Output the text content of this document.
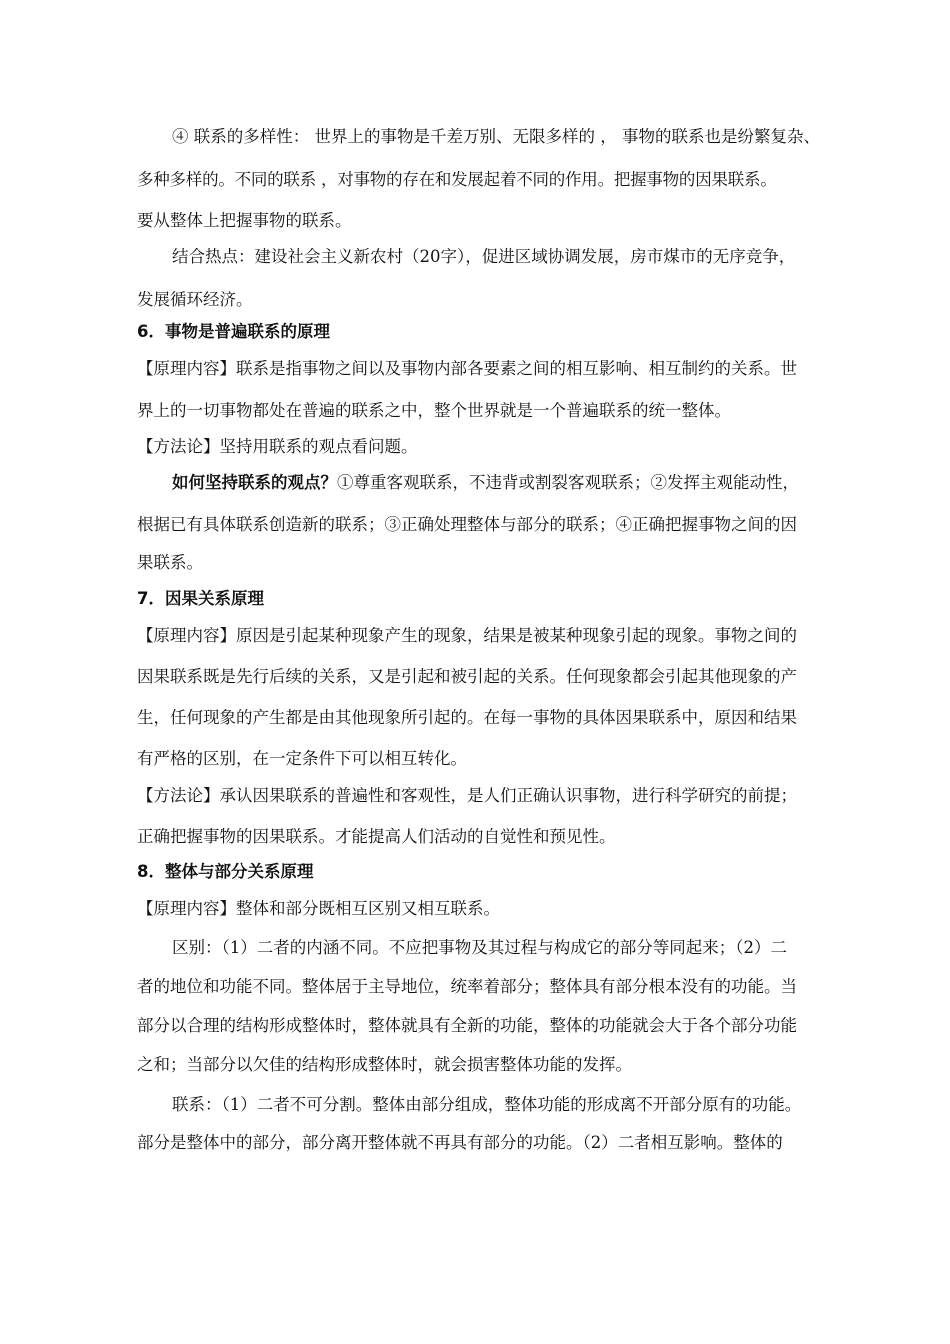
④ 联系的多样性： 世界上的事物是千差万别、无限多样的 ， 事物的联系也是纷繁复杂、
多种多样的。不同的联系 ，对事物的存在和发展起着不同的作用。把握事物的因果联系。
要从整体上把握事物的联系。
结合热点：建设社会主义新农村（20字），促进区域协调发展，房市煤市的无序竞争，
发展循环经济。
6．事物是普遍联系的原理
【原理内容】联系是指事物之间以及事物内部各要素之间的相互影响、相互制约的关系。世
界上的一切事物都处在普遍的联系之中，整个世界就是一个普遍联系的统一整体。
【方法论】坚持用联系的观点看问题。
如何坚持联系的观点？①尊重客观联系，不违背或割裂客观联系；②发挥主观能动性，
根据已有具体联系创造新的联系；③正确处理整体与部分的联系；④正确把握事物之间的因
果联系。
7．因果关系原理
【原理内容】原因是引起某种现象产生的现象，结果是被某种现象引起的现象。事物之间的
因果联系既是先行后续的关系，又是引起和被引起的关系。任何现象都会引起其他现象的产
生，任何现象的产生都是由其他现象所引起的。在每一事物的具体因果联系中，原因和结果
有严格的区别，在一定条件下可以相互转化。
【方法论】承认因果联系的普遍性和客观性，是人们正确认识事物，进行科学研究的前提；
正确把握事物的因果联系。才能提高人们活动的自觉性和预见性。
8．整体与部分关系原理
【原理内容】整体和部分既相互区别又相互联系。
区别：（1）二者的内涵不同。不应把事物及其过程与构成它的部分等同起来；（2）二
者的地位和功能不同。整体居于主导地位，统率着部分；整体具有部分根本没有的功能。当
部分以合理的结构形成整体时，整体就具有全新的功能，整体的功能就会大于各个部分功能
之和；当部分以欠佳的结构形成整体时，就会损害整体功能的发挥。
联系：（1）二者不可分割。整体由部分组成，整体功能的形成离不开部分原有的功能。
部分是整体中的部分，部分离开整体就不再具有部分的功能。（2）二者相互影响。整体的
